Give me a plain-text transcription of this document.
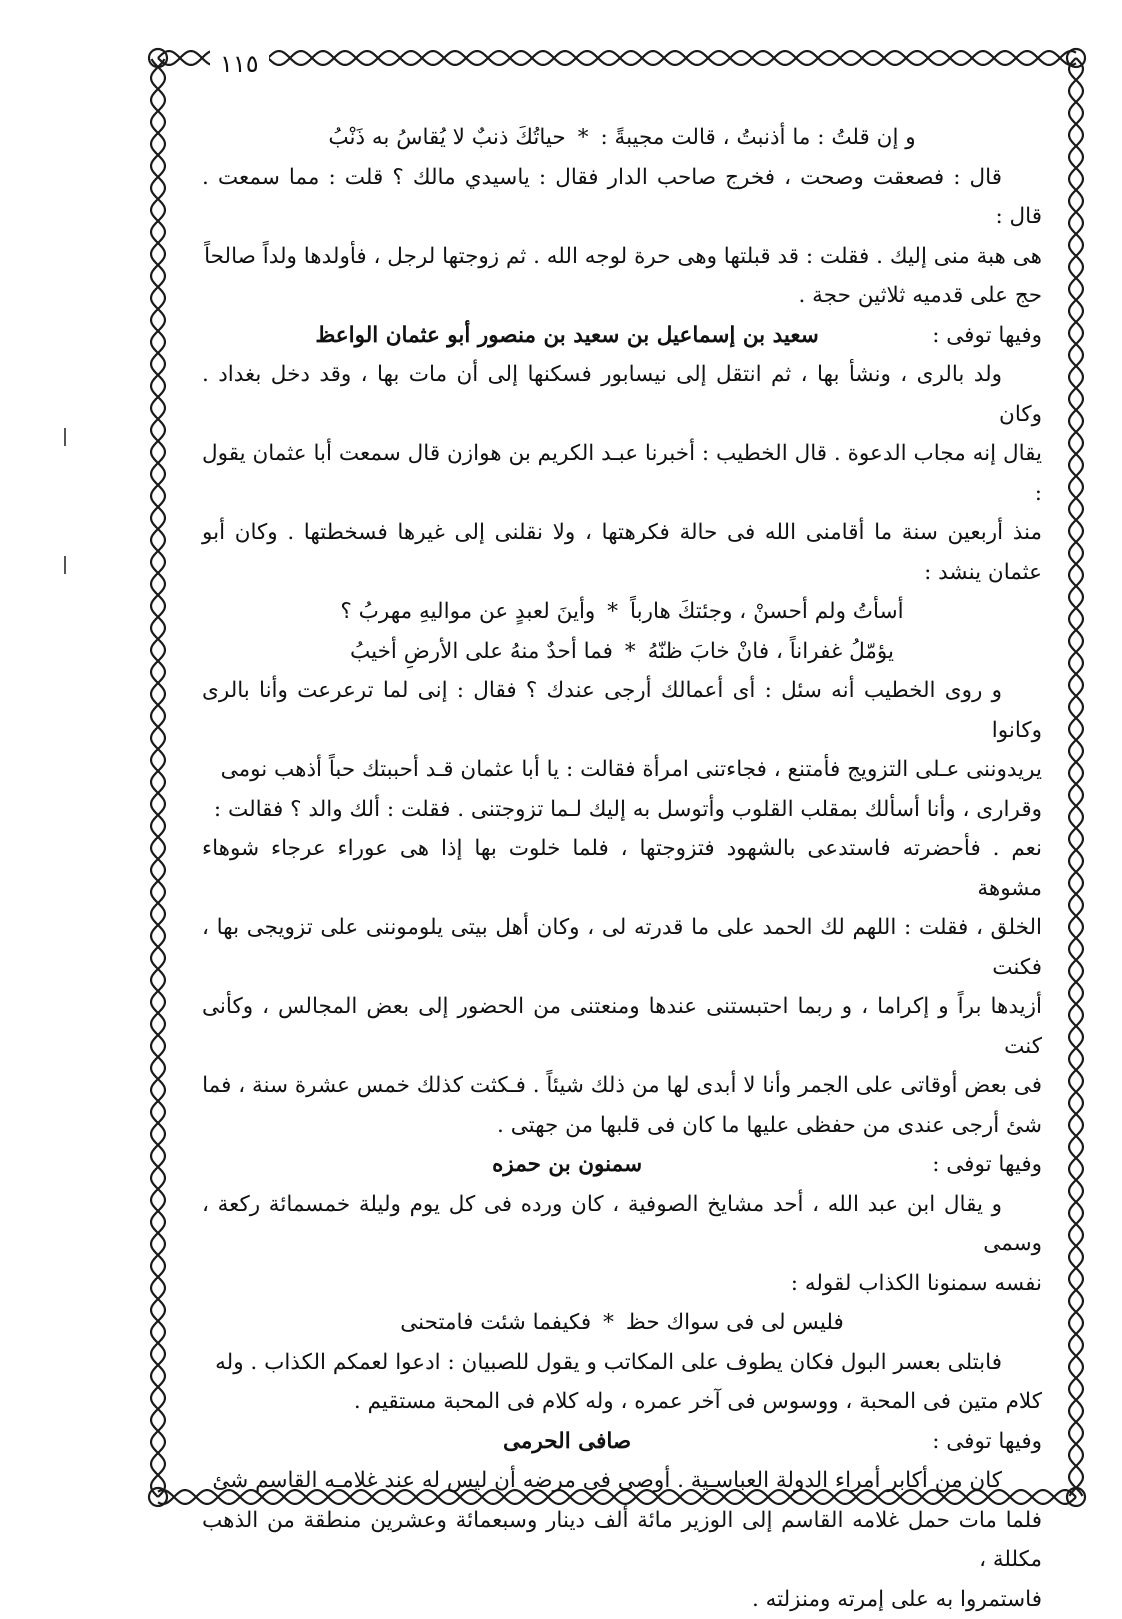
١١٥

و إن قلتُ : ما أذنبتُ ، قالت مجيبةً :*حياتُكَ ذنبٌ لا يُقاسُ به ذَنْبُ

قال : فصعقت وصحت ، فخرج صاحب الدار فقال : ياسيدي مالك ؟ قلت : مما سمعت . قال :

هى هبة منى إليك . فقلت : قد قبلتها وهى حرة لوجه الله . ثم زوجتها لرجل ، فأولدها ولداً صالحاً

حج على قدميه ثلاثين حجة .

وفيها توفى :
سعيد بن إسماعيل بن سعيد بن منصور أبو عثمان الواعظ

ولد بالرى ، ونشأ بها ، ثم انتقل إلى نيسابور فسكنها إلى أن مات بها ، وقد دخل بغداد . وكان

يقال إنه مجاب الدعوة . قال الخطيب : أخبرنا عبـد الكريم بن هوازن قال سمعت أبا عثمان يقول :

منذ أربعين سنة ما أقامنى الله فى حالة فكرهتها ، ولا نقلنى إلى غيرها فسخطتها . وكان أبو عثمان ينشد :

أسأتُ ولم أحسنْ ، وجئتكَ هارباً*وأينَ لعبدٍ عن مواليهِ مهربُ ؟

يؤمّلُ غفراناً ، فانْ خابَ ظنّهُ*فما أحدٌ منهُ على الأرضِ أخيبُ

و روى الخطيب أنه سئل : أى أعمالك أرجى عندك ؟ فقال : إنى لما ترعرعت وأنا بالرى وكانوا

يريدوننى عـلى التزويج فأمتنع ، فجاءتنى امرأة فقالت : يا أبا عثمان قـد أحببتك حباً أذهب نومى

وقرارى ، وأنا أسألك بمقلب القلوب وأتوسل به إليك لـما تزوجتنى . فقلت : ألك والد ؟ فقالت :

نعم . فأحضرته فاستدعى بالشهود فتزوجتها ، فلما خلوت بها إذا هى عوراء عرجاء شوهاء مشوهة

الخلق ، فقلت : اللهم لك الحمد على ما قدرته لى ، وكان أهل بيتى يلوموننى على تزويجى بها ، فكنت

أزيدها براً و إكراما ، و ربما احتبستنى عندها ومنعتنى من الحضور إلى بعض المجالس ، وكأنى كنت

فى بعض أوقاتى على الجمر وأنا لا أبدى لها من ذلك شيئاً . فـكثت كذلك خمس عشرة سنة ، فما

شئ أرجى عندى من حفظى عليها ما كان فى قلبها من جهتى .

وفيها توفى :
سمنون بن حمزه

و يقال ابن عبد الله ، أحد مشايخ الصوفية ، كان ورده فى كل يوم وليلة خمسمائة ركعة ، وسمى

نفسه سمنونا الكذاب لقوله :

فليس لى فى سواك حظ*فكيفما شئت فامتحنى

فابتلى بعسر البول فكان يطوف على المكاتب و يقول للصبيان : ادعوا لعمكم الكذاب . وله

كلام متين فى المحبة ، ووسوس فى آخر عمره ، وله كلام فى المحبة مستقيم .

وفيها توفى :
صافى الحرمى

كان من أكابر أمراء الدولة العباسـية . أوصى فى مرضه أن ليس له عند غلامـه القاسم شئ

فلما مات حمل غلامه القاسم إلى الوزير مائة ألف دينار وسبعمائة وعشرين منطقة من الذهب مكللة ،

فاستمروا به على إمرته ومنزلته .
